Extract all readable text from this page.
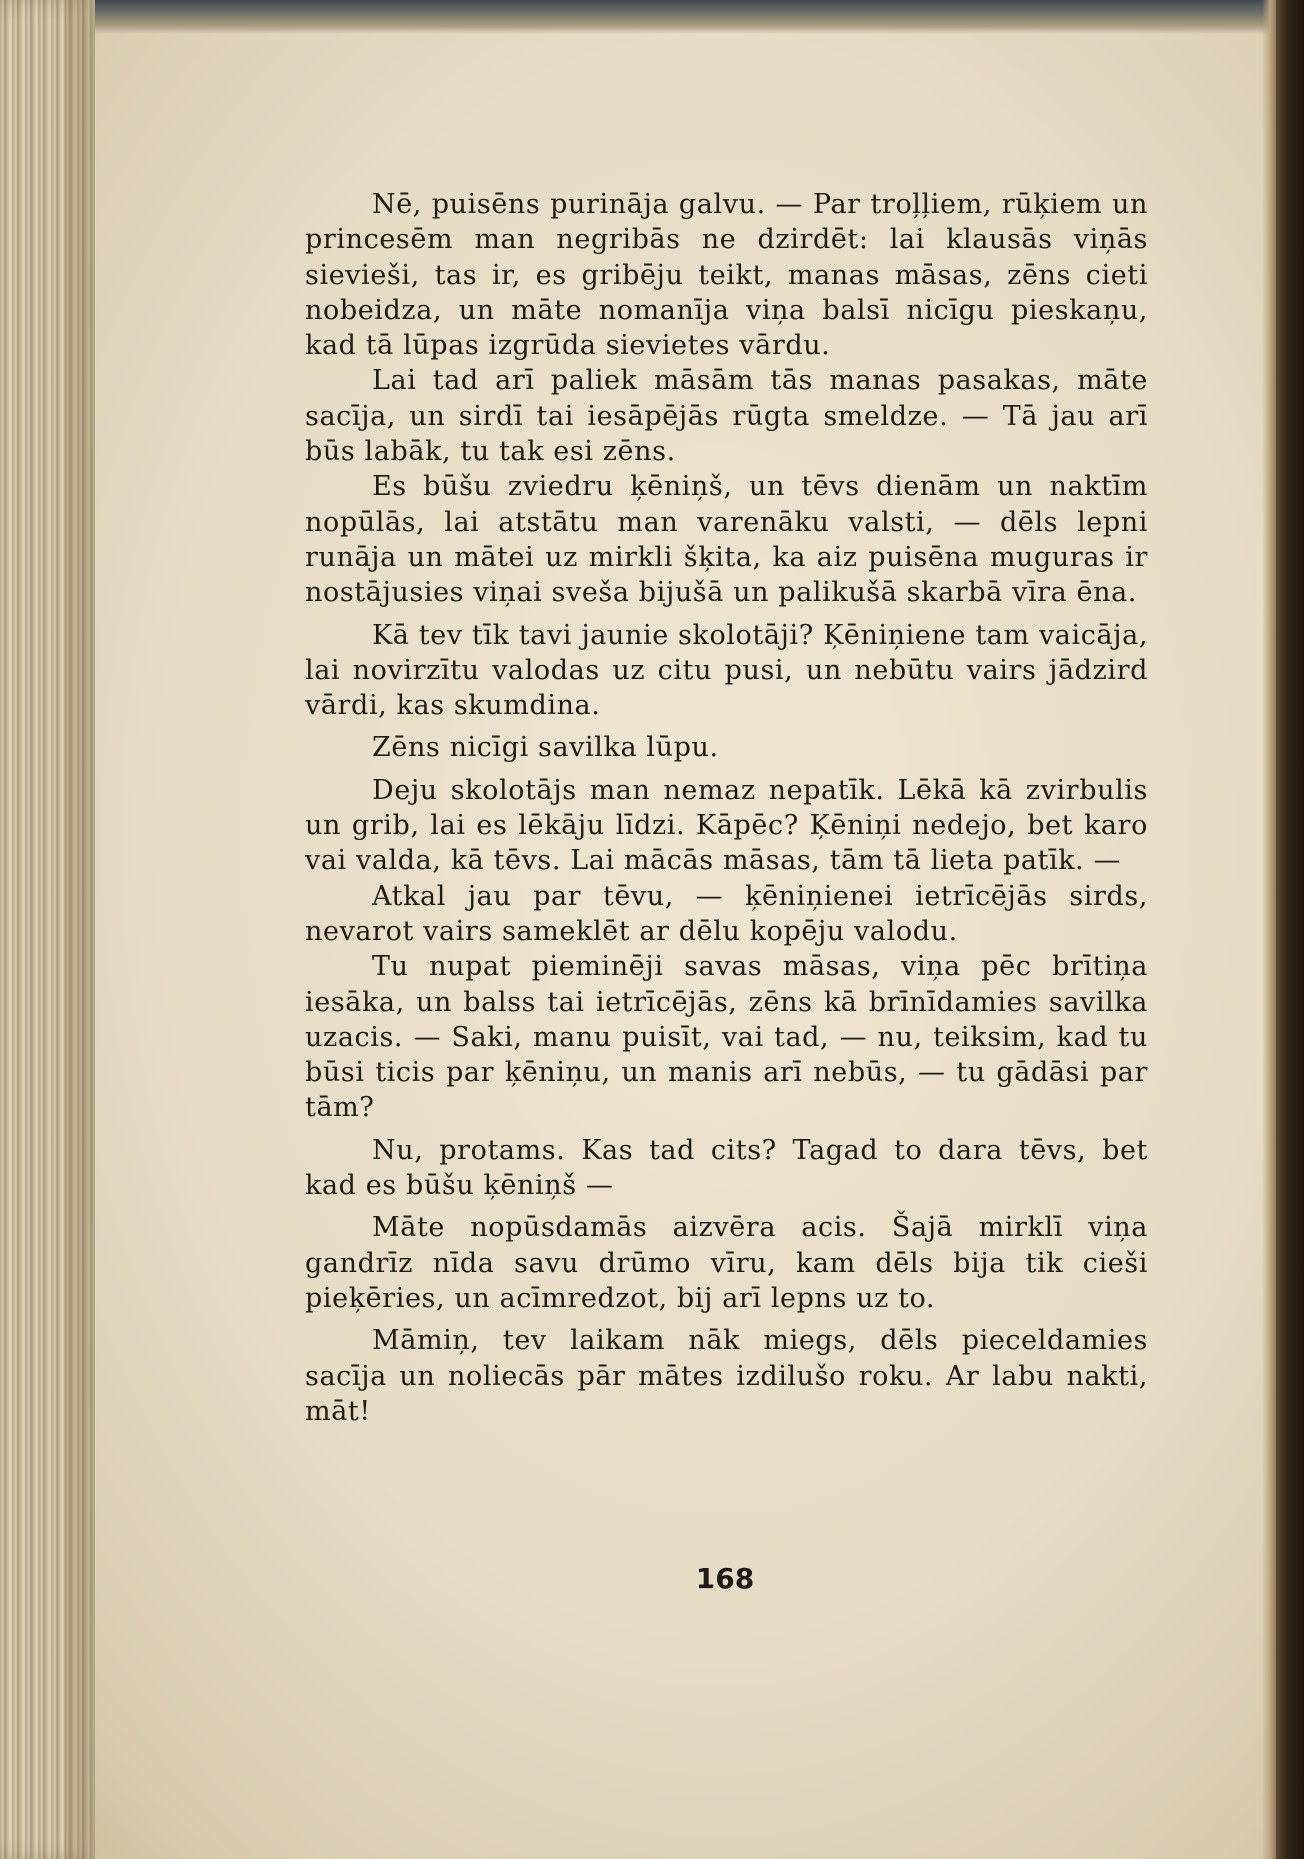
Nē, puisēns purināja galvu. — Par troļļiem, rūķiem un princesēm man negribās ne dzirdēt: lai klausās viņās sievieši, tas ir, es gribēju teikt, manas māsas, zēns cieti nobeidza, un māte nomanīja viņa balsī nicīgu pieskaņu, kad tā lūpas izgrūda sievietes vārdu.

Lai tad arī paliek māsām tās manas pasakas, māte sacīja, un sirdī tai iesāpējās rūgta smeldze. — Tā jau arī būs labāk, tu tak esi zēns.

Es būšu zviedru ķēniņš, un tēvs dienām un naktīm nopūlās, lai atstātu man varenāku valsti, — dēls lepni runāja un mātei uz mirkli šķita, ka aiz puisēna muguras ir nostājusies viņai sveša bijušā un palikušā skarbā vīra ēna.

Kā tev tīk tavi jaunie skolotāji? Ķēniņiene tam vaicāja, lai novirzītu valodas uz citu pusi, un nebūtu vairs jādzird vārdi, kas skumdina.

Zēns nicīgi savilka lūpu.

Deju skolotājs man nemaz nepatīk. Lēkā kā zvirbulis un grib, lai es lēkāju līdzi. Kāpēc? Ķēniņi nedejo, bet karo vai valda, kā tēvs. Lai mācās māsas, tām tā lieta patīk. —

Atkal jau par tēvu, — ķēniņienei ietrīcējās sirds, nevarot vairs sameklēt ar dēlu kopēju valodu.

Tu nupat pieminēji savas māsas, viņa pēc brītiņa iesāka, un balss tai ietrīcējās, zēns kā brīnīdamies savilka uzacis. — Saki, manu puisīt, vai tad, — nu, teiksim, kad tu būsi ticis par ķēniņu, un manis arī nebūs, — tu gādāsi par tām?

Nu, protams. Kas tad cits? Tagad to dara tēvs, bet kad es būšu ķēniņš —

Māte nopūsdamās aizvēra acis. Šajā mirklī viņa gandrīz nīda savu drūmo vīru, kam dēls bija tik cieši pieķēries, un acīmredzot, bij arī lepns uz to.

Māmiņ, tev laikam nāk miegs, dēls pieceldamies sacīja un noliecās pār mātes izdilušo roku. Ar labu nakti, māt!

168
